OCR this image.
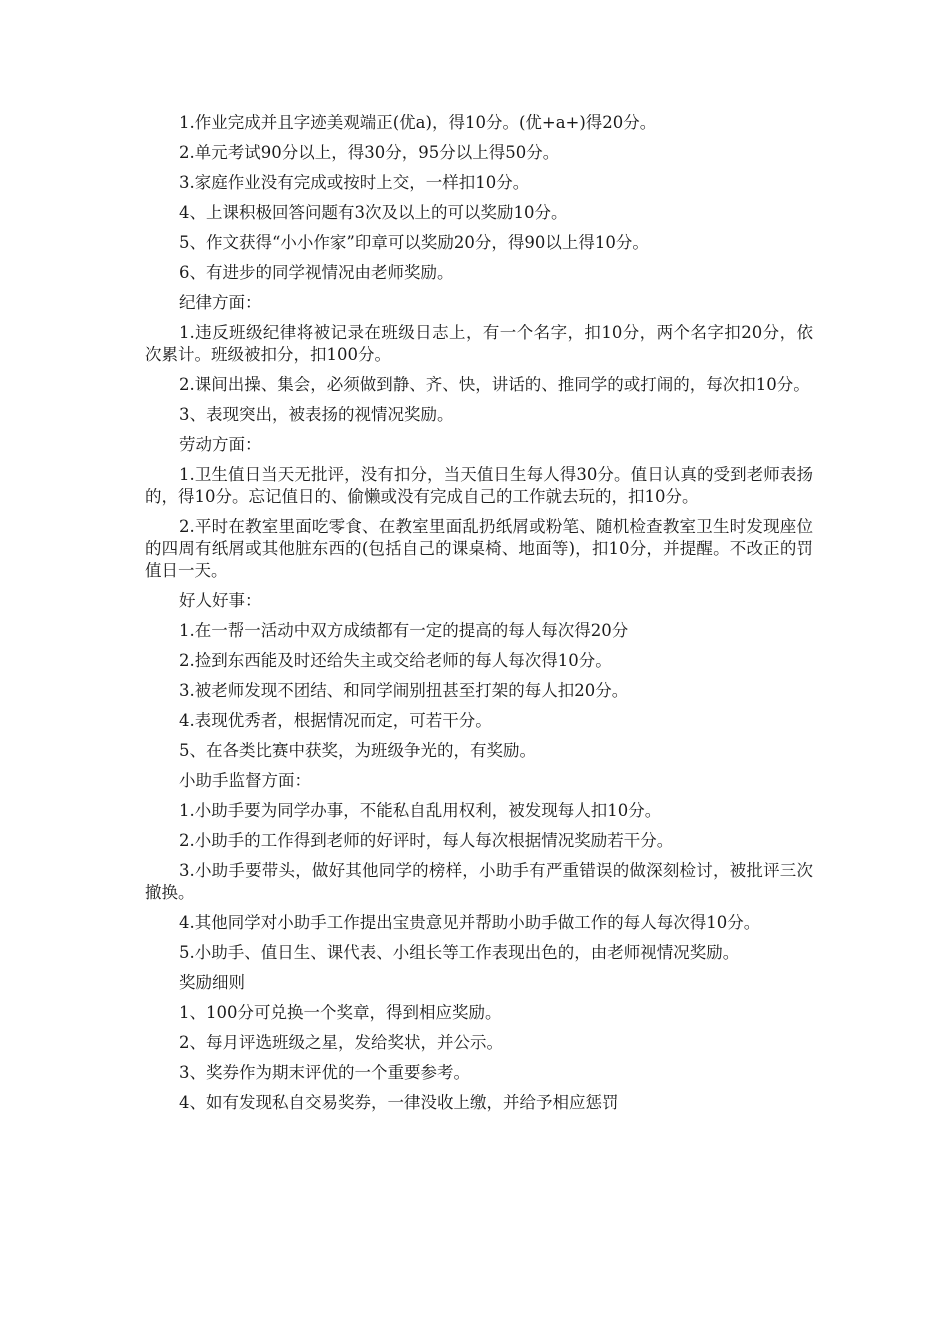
1.作业完成并且字迹美观端正(优a)，得10分。(优+a+)得20分。

2.单元考试90分以上，得30分，95分以上得50分。

3.家庭作业没有完成或按时上交，一样扣10分。

4、上课积极回答问题有3次及以上的可以奖励10分。

5、作文获得“小小作家”印章可以奖励20分，得90以上得10分。

6、有进步的同学视情况由老师奖励。

纪律方面：

1.违反班级纪律将被记录在班级日志上，有一个名字，扣10分，两个名字扣20分，依次累计。班级被扣分，扣100分。

2.课间出操、集会，必须做到静、齐、快，讲话的、推同学的或打闹的，每次扣10分。

3、表现突出，被表扬的视情况奖励。

劳动方面：

1.卫生值日当天无批评，没有扣分，当天值日生每人得30分。值日认真的受到老师表扬的，得10分。忘记值日的、偷懒或没有完成自己的工作就去玩的，扣10分。

2.平时在教室里面吃零食、在教室里面乱扔纸屑或粉笔、随机检查教室卫生时发现座位的四周有纸屑或其他脏东西的(包括自己的课桌椅、地面等)，扣10分，并提醒。不改正的罚值日一天。

好人好事：

1.在一帮一活动中双方成绩都有一定的提高的每人每次得20分

2.捡到东西能及时还给失主或交给老师的每人每次得10分。

3.被老师发现不团结、和同学闹别扭甚至打架的每人扣20分。

4.表现优秀者，根据情况而定，可若干分。

5、在各类比赛中获奖，为班级争光的，有奖励。

小助手监督方面：

1.小助手要为同学办事，不能私自乱用权利，被发现每人扣10分。

2.小助手的工作得到老师的好评时，每人每次根据情况奖励若干分。

3.小助手要带头，做好其他同学的榜样，小助手有严重错误的做深刻检讨，被批评三次撤换。

4.其他同学对小助手工作提出宝贵意见并帮助小助手做工作的每人每次得10分。

5.小助手、值日生、课代表、小组长等工作表现出色的，由老师视情况奖励。

奖励细则

1、100分可兑换一个奖章，得到相应奖励。

2、每月评选班级之星，发给奖状，并公示。

3、奖券作为期末评优的一个重要参考。

4、如有发现私自交易奖券，一律没收上缴，并给予相应惩罚
